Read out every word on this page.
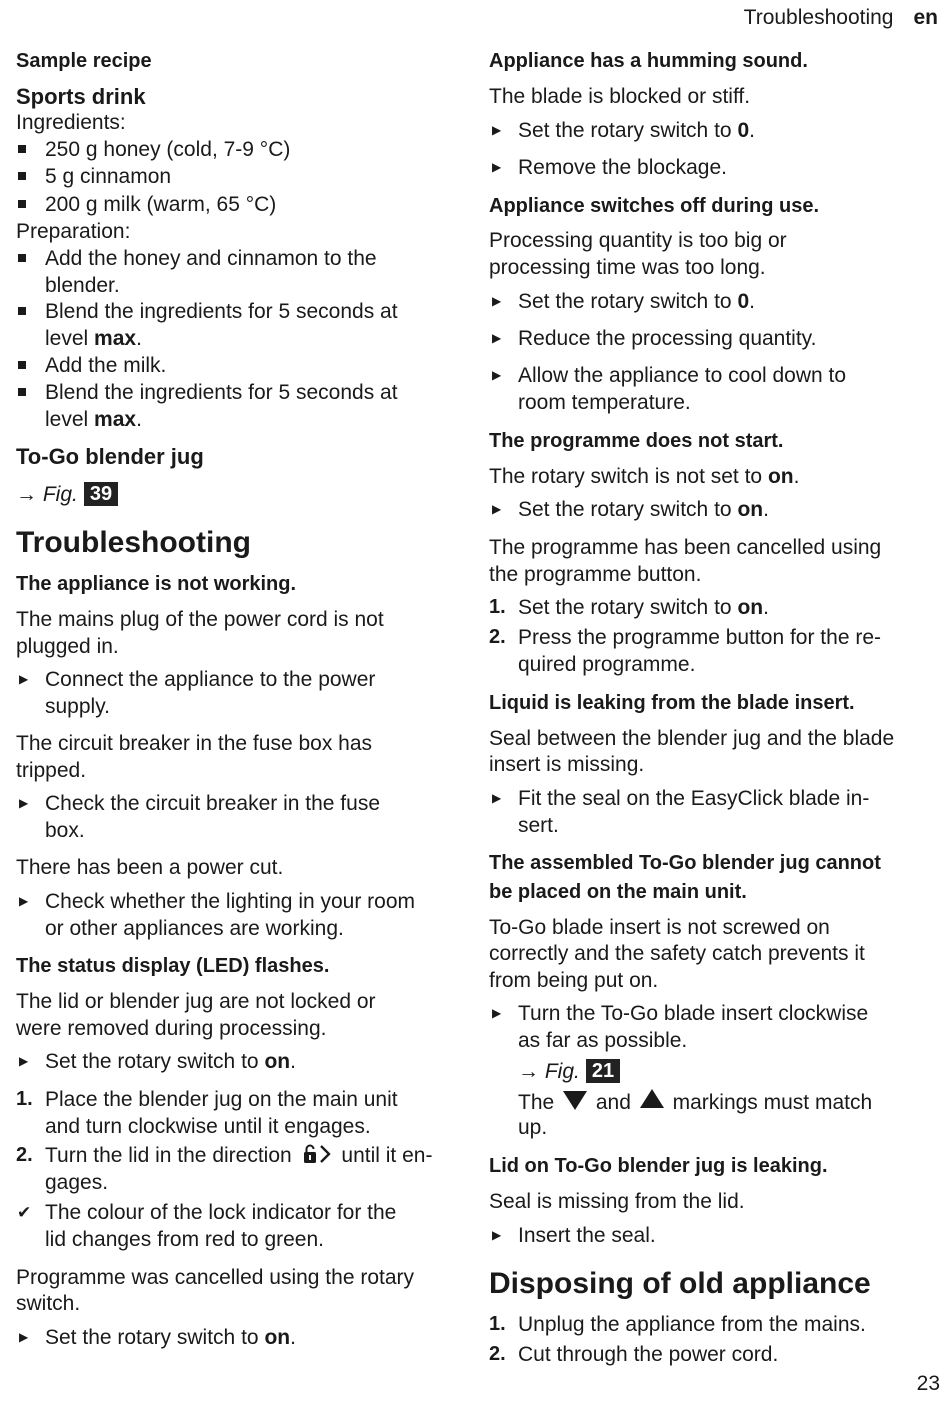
Troubleshooting en
Sample recipe
Sports drink
Ingredients:
250 g honey (cold, 7-9 °C)
5 g cinnamon
200 g milk (warm, 65 °C)
Preparation:
Add the honey and cinnamon to the
blender.
Blend the ingredients for 5 seconds at
level max.
Add the milk.
Blend the ingredients for 5 seconds at
level max.
To-Go blender jug
→ Fig. 39
Troubleshooting
The appliance is not working.
The mains plug of the power cord is not
plugged in.
▶ Connect the appliance to the power
supply.
The circuit breaker in the fuse box has
tripped.
▶ Check the circuit breaker in the fuse
box.
There has been a power cut.
▶ Check whether the lighting in your room
or other appliances are working.
The status display (LED) flashes.
The lid or blender jug are not locked or
were removed during processing.
▶ Set the rotary switch to on.
1. Place the blender jug on the main unit
and turn clockwise until it engages.
2. Turn the lid in the direction until it en-
gages.
✔ The colour of the lock indicator for the
lid changes from red to green.
Programme was cancelled using the rotary
switch.
▶ Set the rotary switch to on.
Appliance has a humming sound.
The blade is blocked or stiff.
▶ Set the rotary switch to 0.
▶ Remove the blockage.
Appliance switches off during use.
Processing quantity is too big or
processing time was too long.
▶ Set the rotary switch to 0.
▶ Reduce the processing quantity.
▶ Allow the appliance to cool down to
room temperature.
The programme does not start.
The rotary switch is not set to on.
▶ Set the rotary switch to on.
The programme has been cancelled using
the programme button.
1. Set the rotary switch to on.
2. Press the programme button for the re-
quired programme.
Liquid is leaking from the blade insert.
Seal between the blender jug and the blade
insert is missing.
▶ Fit the seal on the EasyClick blade in-
sert.
The assembled To-Go blender jug cannot
be placed on the main unit.
To-Go blade insert is not screwed on
correctly and the safety catch prevents it
from being put on.
▶ Turn the To-Go blade insert clockwise
as far as possible.
→ Fig. 21
The and markings must match
up.
Lid on To-Go blender jug is leaking.
Seal is missing from the lid.
▶ Insert the seal.
Disposing of old appliance
1. Unplug the appliance from the mains.
2. Cut through the power cord.
23
